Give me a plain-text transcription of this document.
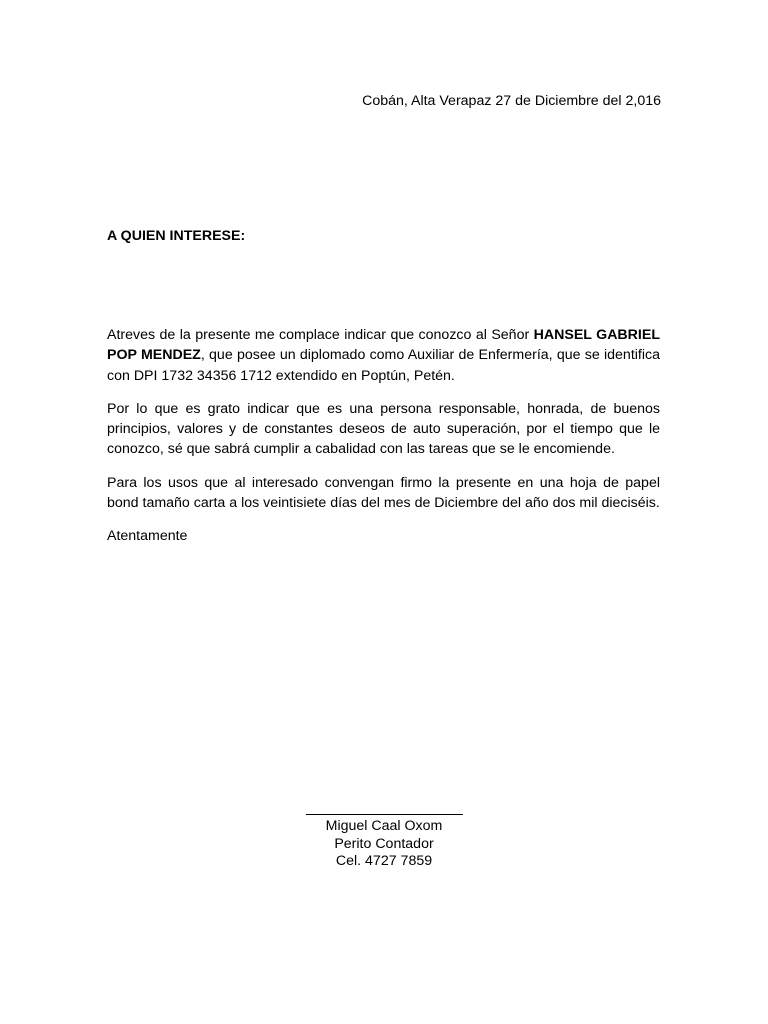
Cobán, Alta Verapaz 27 de Diciembre del 2,016
A QUIEN INTERESE:

Atreves de la presente me complace indicar que conozco al Señor HANSEL GABRIEL POP MENDEZ, que posee un diplomado como Auxiliar de Enfermería, que se identifica con DPI 1732 34356 1712 extendido en Poptún, Petén.

Por lo que es grato indicar que es una persona responsable, honrada, de buenos principios, valores y de constantes deseos de auto superación, por el tiempo que le conozco, sé que sabrá cumplir a cabalidad con las tareas que se le encomiende.

Para los usos que al interesado convengan firmo la presente en una hoja de papel bond tamaño carta a los veintisiete días del mes de Diciembre del año dos mil dieciséis.

Atentamente

Miguel Caal Oxom
Perito Contador
Cel. 4727 7859
